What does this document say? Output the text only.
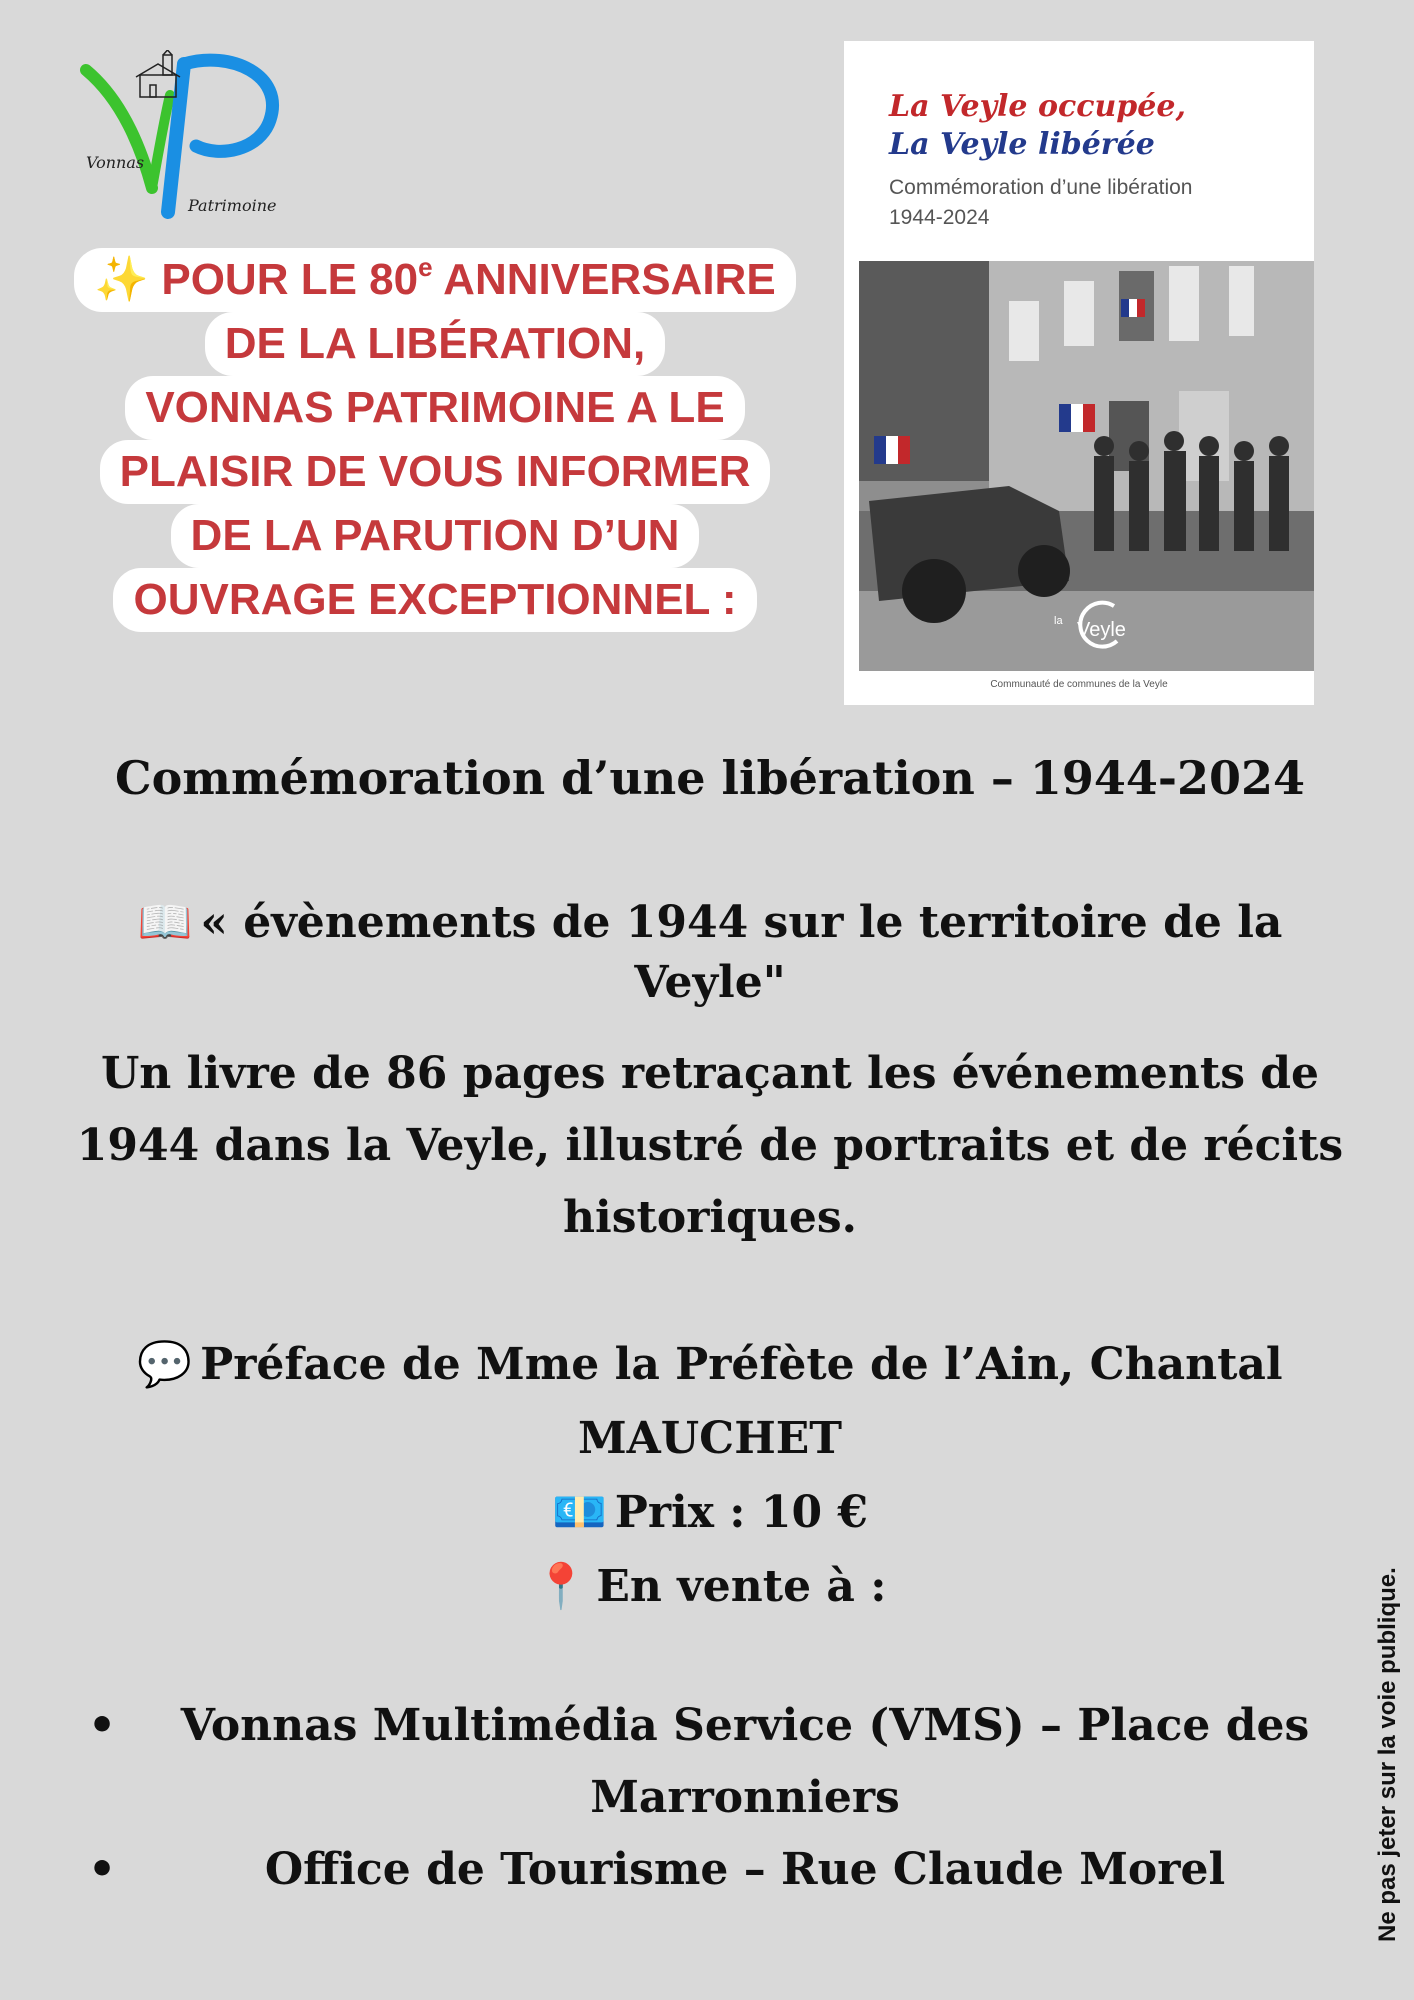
Vonnas
Patrimoine
✨ POUR LE 80e ANNIVERSAIRE
DE LA LIBÉRATION,
VONNAS PATRIMOINE A LE
PLAISIR DE VOUS INFORMER
DE LA PARUTION D’UN
OUVRAGE EXCEPTIONNEL :
La Veyle occupée,
La Veyle libérée
Commémoration d’une libération
1944-2024
la Veyle
Communauté de communes de la Veyle
Commémoration d’une libération – 1944-2024
📖 « évènements de 1944 sur le territoire de la Veyle"
Un livre de 86 pages retraçant les événements de 1944 dans la Veyle, illustré de portraits et de récits historiques.
💬 Préface de Mme la Préfète de l’Ain, Chantal MAUCHET
💶 Prix : 10 €
📍 En vente à :
• Vonnas Multimédia Service (VMS) – Place des Marronniers
•	Office de Tourisme – Rue Claude Morel	Ne pas jeter sur la voie publique.
